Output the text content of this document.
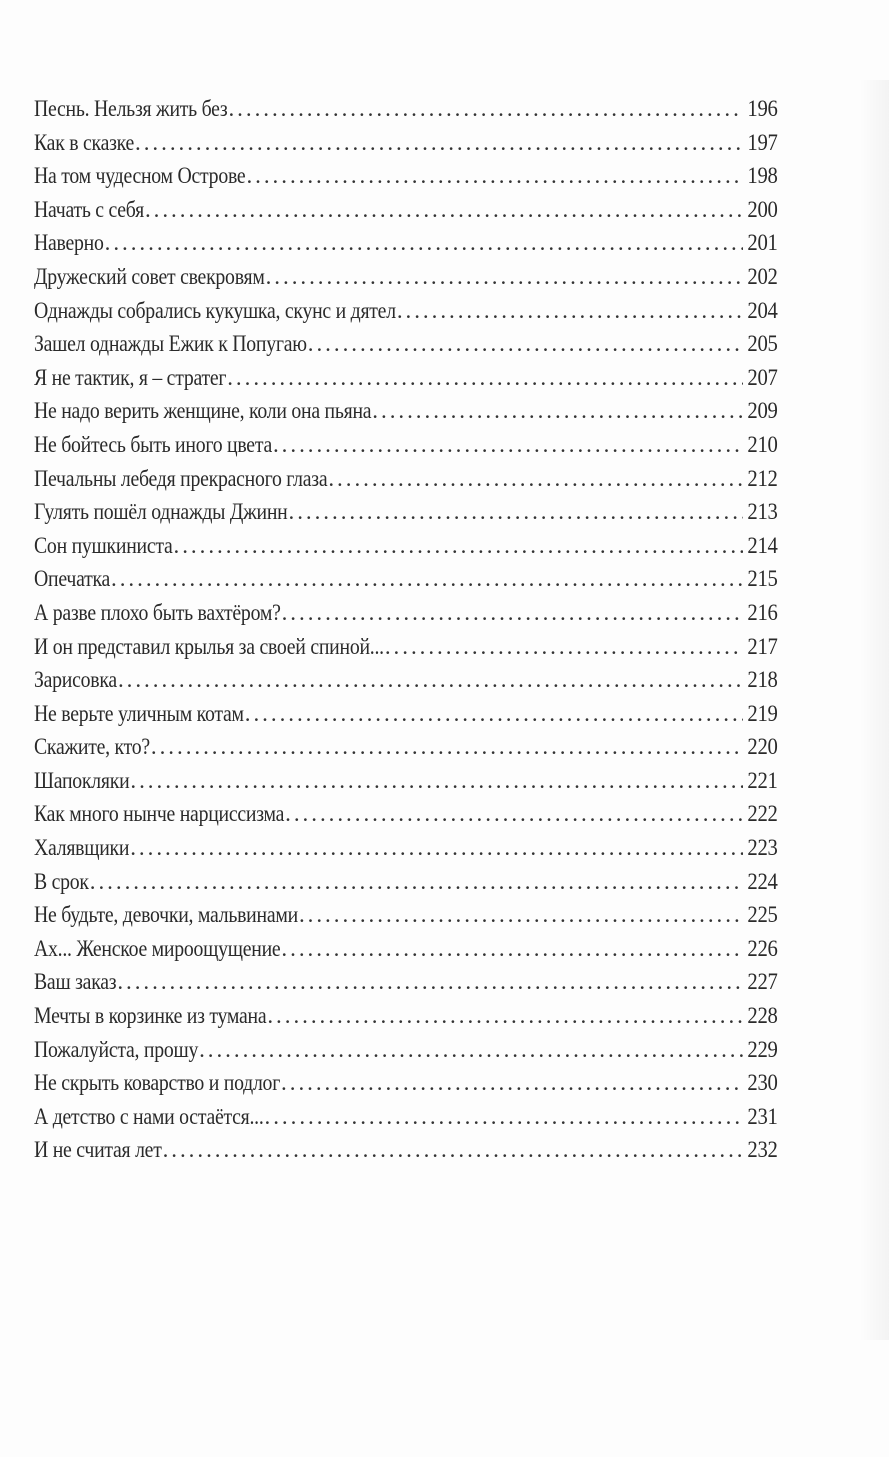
Песнь. Нельзя жить без . . .	196
Как в сказке . . .	197
На том чудесном Острове . . .	198
Начать с себя . . .	200
Наверно . . .	201
Дружеский совет свекровям . . .	202
Однажды собрались кукушка, скунс и дятел . . .	204
Зашел однажды Ежик к Попугаю . . .	205
Я не тактик, я – стратег . . .	207
Не надо верить женщине, коли она пьяна . . .	209
Не бойтесь быть иного цвета . . .	210
Печальны лебедя прекрасного глаза . . .	212
Гулять пошёл однажды Джинн . . .	213
Сон пушкиниста . . .	214
Опечатка . . .	215
А разве плохо быть вахтёром? . . .	216
И он представил крылья за своей спиной... . . .	217
Зарисовка . . .	218
Не верьте уличным котам . . .	219
Скажите, кто? . . .	220
Шапокляки . . .	221
Как много нынче нарциссизма . . .	222
Халявщики . . .	223
В срок . . .	224
Не будьте, девочки, мальвинами . . .	225
Ах... Женское мироощущение . . .	226
Ваш заказ . . .	227
Мечты в корзинке из тумана . . .	228
Пожалуйста, прошу . . .	229
Не скрыть коварство и подлог . . .	230
А детство с нами остаётся... . . .	231
И не считая лет . . .	232
